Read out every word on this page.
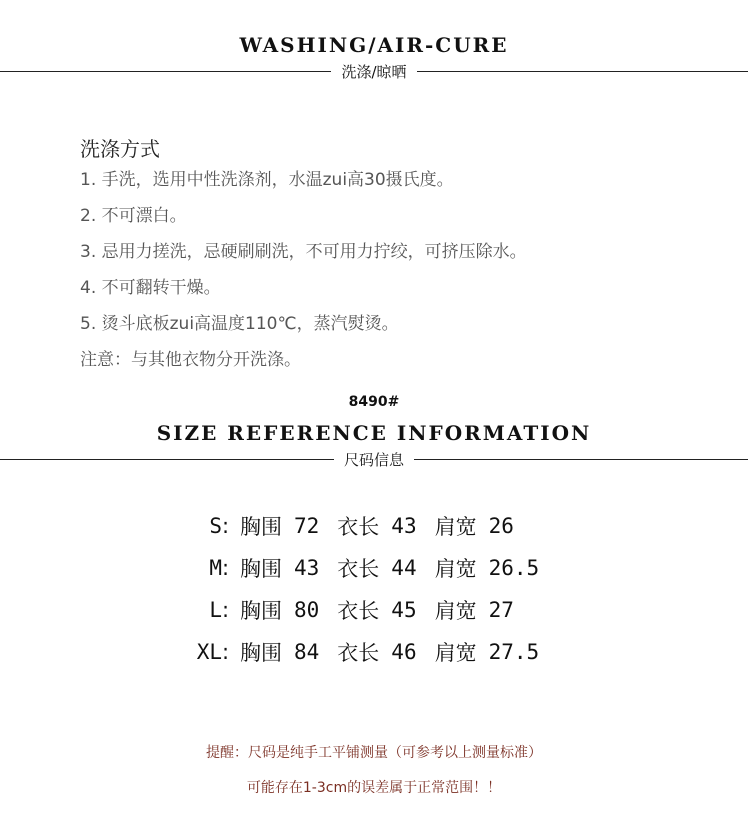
WASHING/AIR-CURE
洗涤/晾晒
洗涤方式
1. 手洗，选用中性洗涤剂，水温zui高30摄氏度。
2. 不可漂白。
3. 忌用力搓洗，忌硬刷刷洗，不可用力拧绞，可挤压除水。
4. 不可翻转干燥。
5. 烫斗底板zui高温度110℃，蒸汽熨烫。
注意：与其他衣物分开洗涤。
8490#
SIZE REFERENCE INFORMATION
尺码信息
S : 胸围 72 衣长 43 肩宽 26
M : 胸围 43 衣长 44 肩宽 26.5
L : 胸围 80 衣长 45 肩宽 27
XL : 胸围 84 衣长 46 肩宽 27.5
提醒：尺码是纯手工平铺测量（可参考以上测量标准）
可能存在1-3cm的误差属于正常范围！！
